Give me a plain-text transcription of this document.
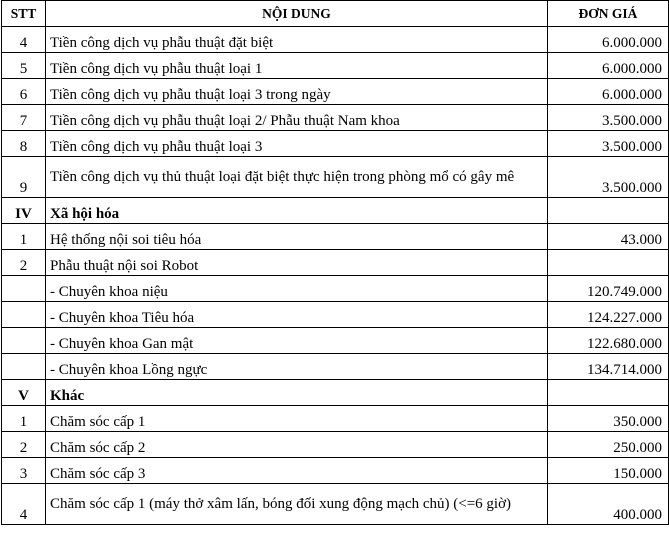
STT	NỘI DUNG	ĐƠN GIÁ
4	Tiền công dịch vụ phẫu thuật đặt biệt	6.000.000
5	Tiền công dịch vụ phẫu thuật loại 1	6.000.000
6	Tiền công dịch vụ phẫu thuật loại 3 trong ngày	6.000.000
7	Tiền công dịch vụ phẫu thuật loại 2/ Phẫu thuật Nam khoa	3.500.000
8	Tiền công dịch vụ phẫu thuật loại 3	3.500.000
9	Tiền công dịch vụ thủ thuật loại đặt biệt thực hiện trong phòng mổ có gây mê	3.500.000
IV	Xã hội hóa	
1	Hệ thống nội soi tiêu hóa	43.000
2	Phẫu thuật nội soi Robot	
	- Chuyên khoa niệu	120.749.000
	- Chuyên khoa Tiêu hóa	124.227.000
	- Chuyên khoa Gan mật	122.680.000
	- Chuyên khoa Lồng ngực	134.714.000
V	Khác	
1	Chăm sóc cấp 1	350.000
2	Chăm sóc cấp 2	250.000
3	Chăm sóc cấp 3	150.000
4	Chăm sóc cấp 1 (máy thở xâm lấn, bóng đối xung động mạch chủ) (<=6 giờ)	400.000
